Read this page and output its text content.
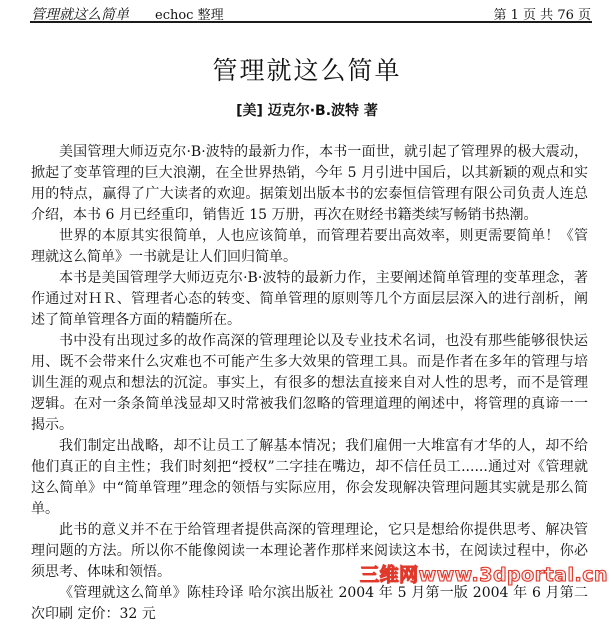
管理就这么简单 echoc 整理	第 1 页 共 76 页
管理就这么简单
[美] 迈克尔·B.波特 著

美国管理大师迈克尔·B·波特的最新力作，本书一面世，就引起了管理界的极大震动，掀起了变革管理的巨大浪潮，在全世界热销，今年 5 月引进中国后，以其新颖的观点和实用的特点，赢得了广大读者的欢迎。据策划出版本书的宏泰恒信管理有限公司负责人连总介绍，本书 6 月已经重印，销售近 15 万册，再次在财经书籍类续写畅销书热潮。

世界的本原其实很简单，人也应该简单，而管理若要出高效率，则更需要简单！《管理就这么简单》一书就是让人们回归简单。

本书是美国管理学大师迈克尔·B·波特的最新力作，主要阐述简单管理的变革理念，著作通过对ＨＲ、管理者心态的转变、简单管理的原则等几个方面层层深入的进行剖析，阐述了简单管理各方面的精髓所在。

书中没有出现过多的故作高深的管理理论以及专业技术名词，也没有那些能够很快运用、既不会带来什么灾难也不可能产生多大效果的管理工具。而是作者在多年的管理与培训生涯的观点和想法的沉淀。事实上，有很多的想法直接来自对人性的思考，而不是管理逻辑。在对一条条简单浅显却又时常被我们忽略的管理道理的阐述中，将管理的真谛一一揭示。

我们制定出战略，却不让员工了解基本情况；我们雇佣一大堆富有才华的人，却不给他们真正的自主性；我们时刻把“授权”二字挂在嘴边，却不信任员工......通过对《管理就这么简单》中“简单管理”理念的领悟与实际应用，你会发现解决管理问题其实就是那么简单。

此书的意义并不在于给管理者提供高深的管理理论，它只是想给你提供思考、解决管理问题的方法。所以你不能像阅读一本理论著作那样来阅读这本书，在阅读过程中，你必须思考、体味和领悟。

《管理就这么简单》陈桂玲译 哈尔滨出版社 2004 年 5 月第一版 2004 年 6 月第二次印刷 定价：32 元

三维网www.3dportal.cn
